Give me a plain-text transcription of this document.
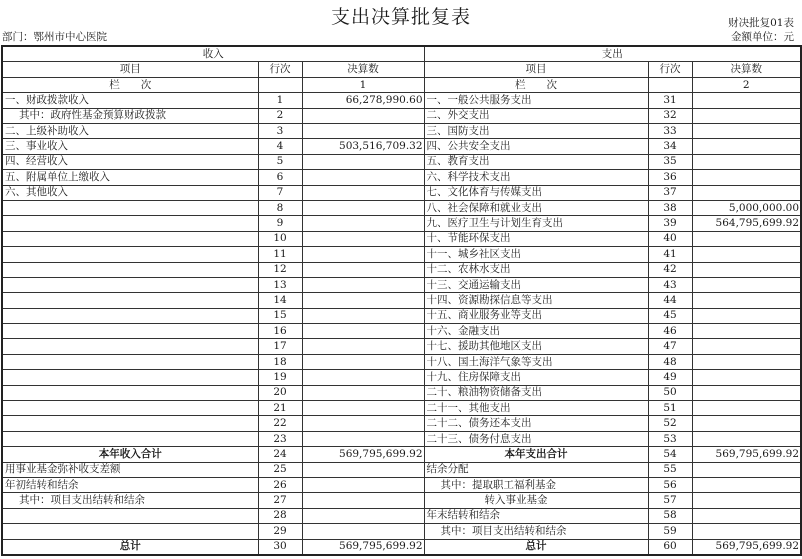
支出决算批复表	财决批复01表
部门：鄂州市中心医院	金额单位：元
收入			支出		
项目	行次	决算数	项目	行次	决算数
栏　　次		1	栏　　次		2
一、财政拨款收入	1	66,278,990.60	一、一般公共服务支出	31	
其中：政府性基金预算财政拨款	2		二、外交支出	32	
二、上级补助收入	3		三、国防支出	33	
三、事业收入	4	503,516,709.32	四、公共安全支出	34	
四、经营收入	5		五、教育支出	35	
五、附属单位上缴收入	6		六、科学技术支出	36	
六、其他收入	7		七、文化体育与传媒支出	37	
	8		八、社会保障和就业支出	38	5,000,000.00
	9		九、医疗卫生与计划生育支出	39	564,795,699.92
	10		十、节能环保支出	40	
	11		十一、城乡社区支出	41	
	12		十二、农林水支出	42	
	13		十三、交通运输支出	43	
	14		十四、资源勘探信息等支出	44	
	15		十五、商业服务业等支出	45	
	16		十六、金融支出	46	
	17		十七、援助其他地区支出	47	
	18		十八、国土海洋气象等支出	48	
	19		十九、住房保障支出	49	
	20		二十、粮油物资储备支出	50	
	21		二十一、其他支出	51	
	22		二十二、债务还本支出	52	
	23		二十三、债务付息支出	53	
本年收入合计	24	569,795,699.92	本年支出合计	54	569,795,699.92
用事业基金弥补收支差额	25		结余分配	55	
年初结转和结余	26		其中：提取职工福利基金	56	
其中：项目支出结转和结余	27		转入事业基金	57	
	28		年末结转和结余	58	
	29		其中：项目支出结转和结余	59	
总计	30	569,795,699.92	总计	60	569,795,699.92
